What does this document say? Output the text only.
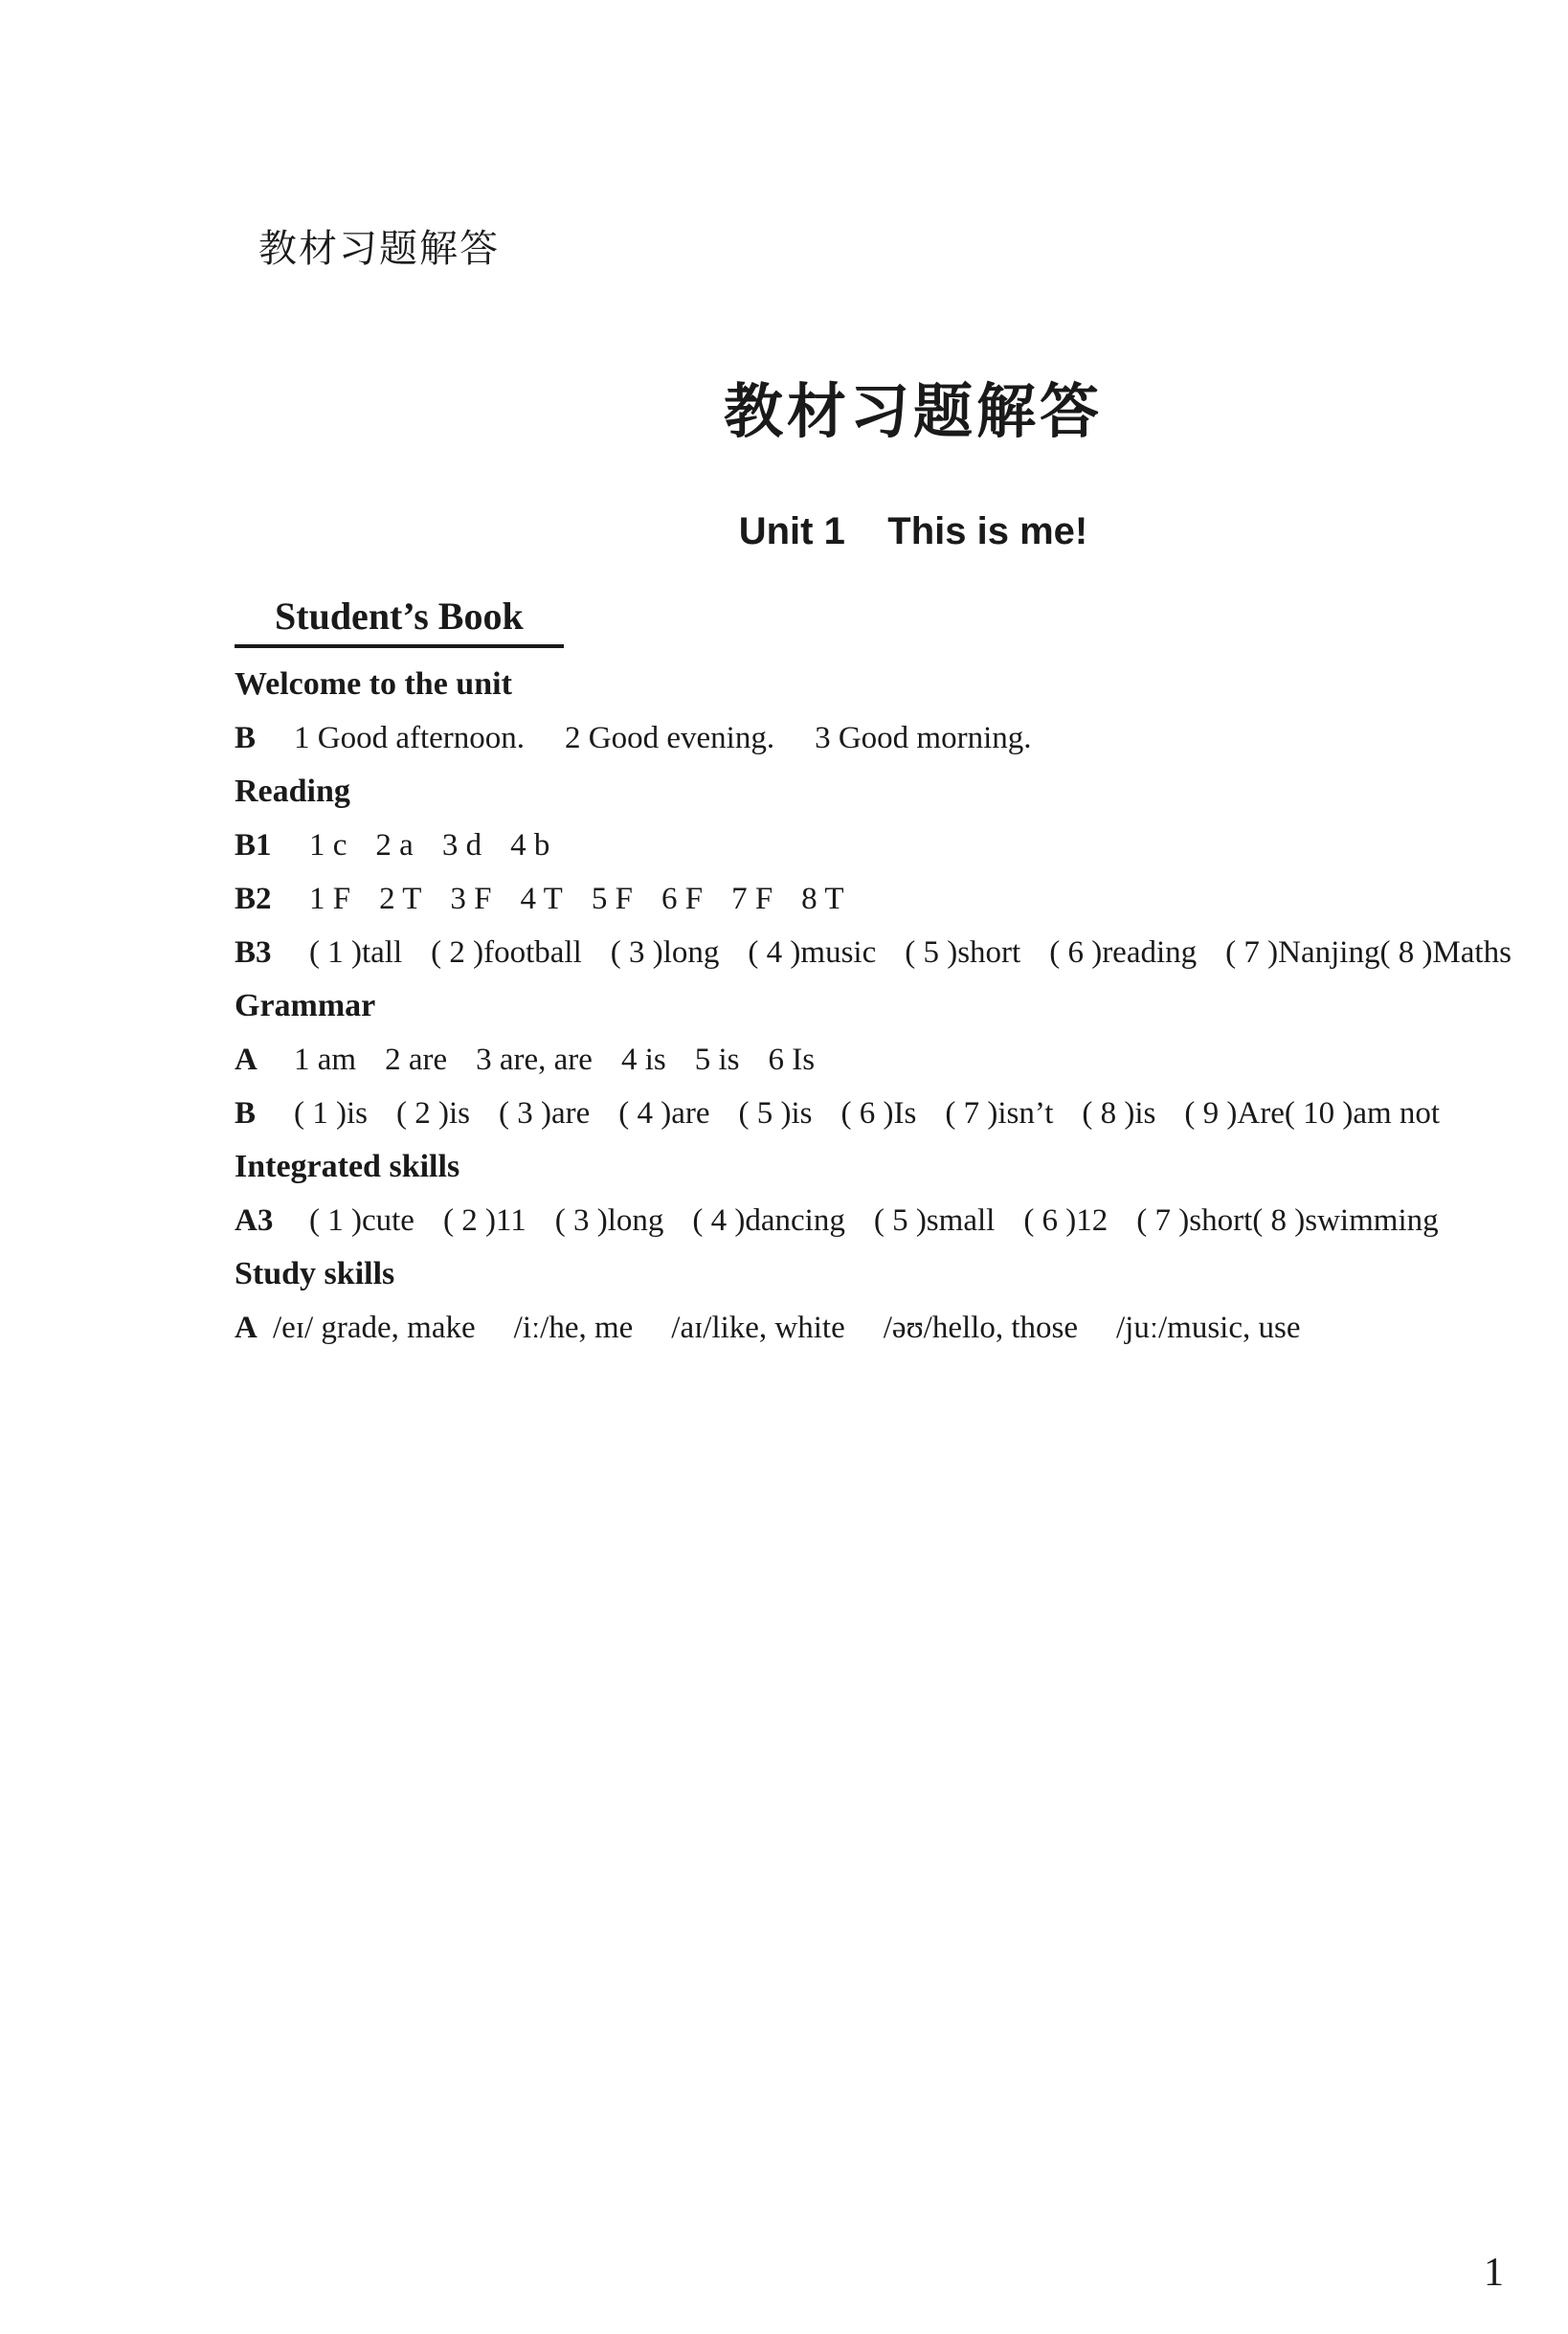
教材习题解答
教材习题解答
Unit 1    This is me!
Student’s Book
Welcome to the unit
B	1 Good afternoon. 2 Good evening. 3 Good morning.
Reading
B1	1 c 2 a 3 d 4 b
B2	1 F 2 T 3 F 4 T 5 F 6 F 7 F 8 T
B3	( 1 )tall ( 2 )football ( 3 )long ( 4 )music ( 5 )short ( 6 )reading ( 7 )Nanjing ( 8 )Maths
Grammar
A	1 am 2 are 3 are, are 4 is 5 is 6 Is
B	( 1 )is ( 2 )is ( 3 )are ( 4 )are ( 5 )is ( 6 )Is ( 7 )isn’t ( 8 )is ( 9 )Are ( 10 )am not
Integrated skills
A3	( 1 )cute ( 2 )11 ( 3 )long ( 4 )dancing ( 5 )small ( 6 )12 ( 7 )short ( 8 )swimming
Study skills
A /eɪ/ grade, make /iː/he, me /aɪ/like, white /əʊ/hello, those /juː/music, use
1
